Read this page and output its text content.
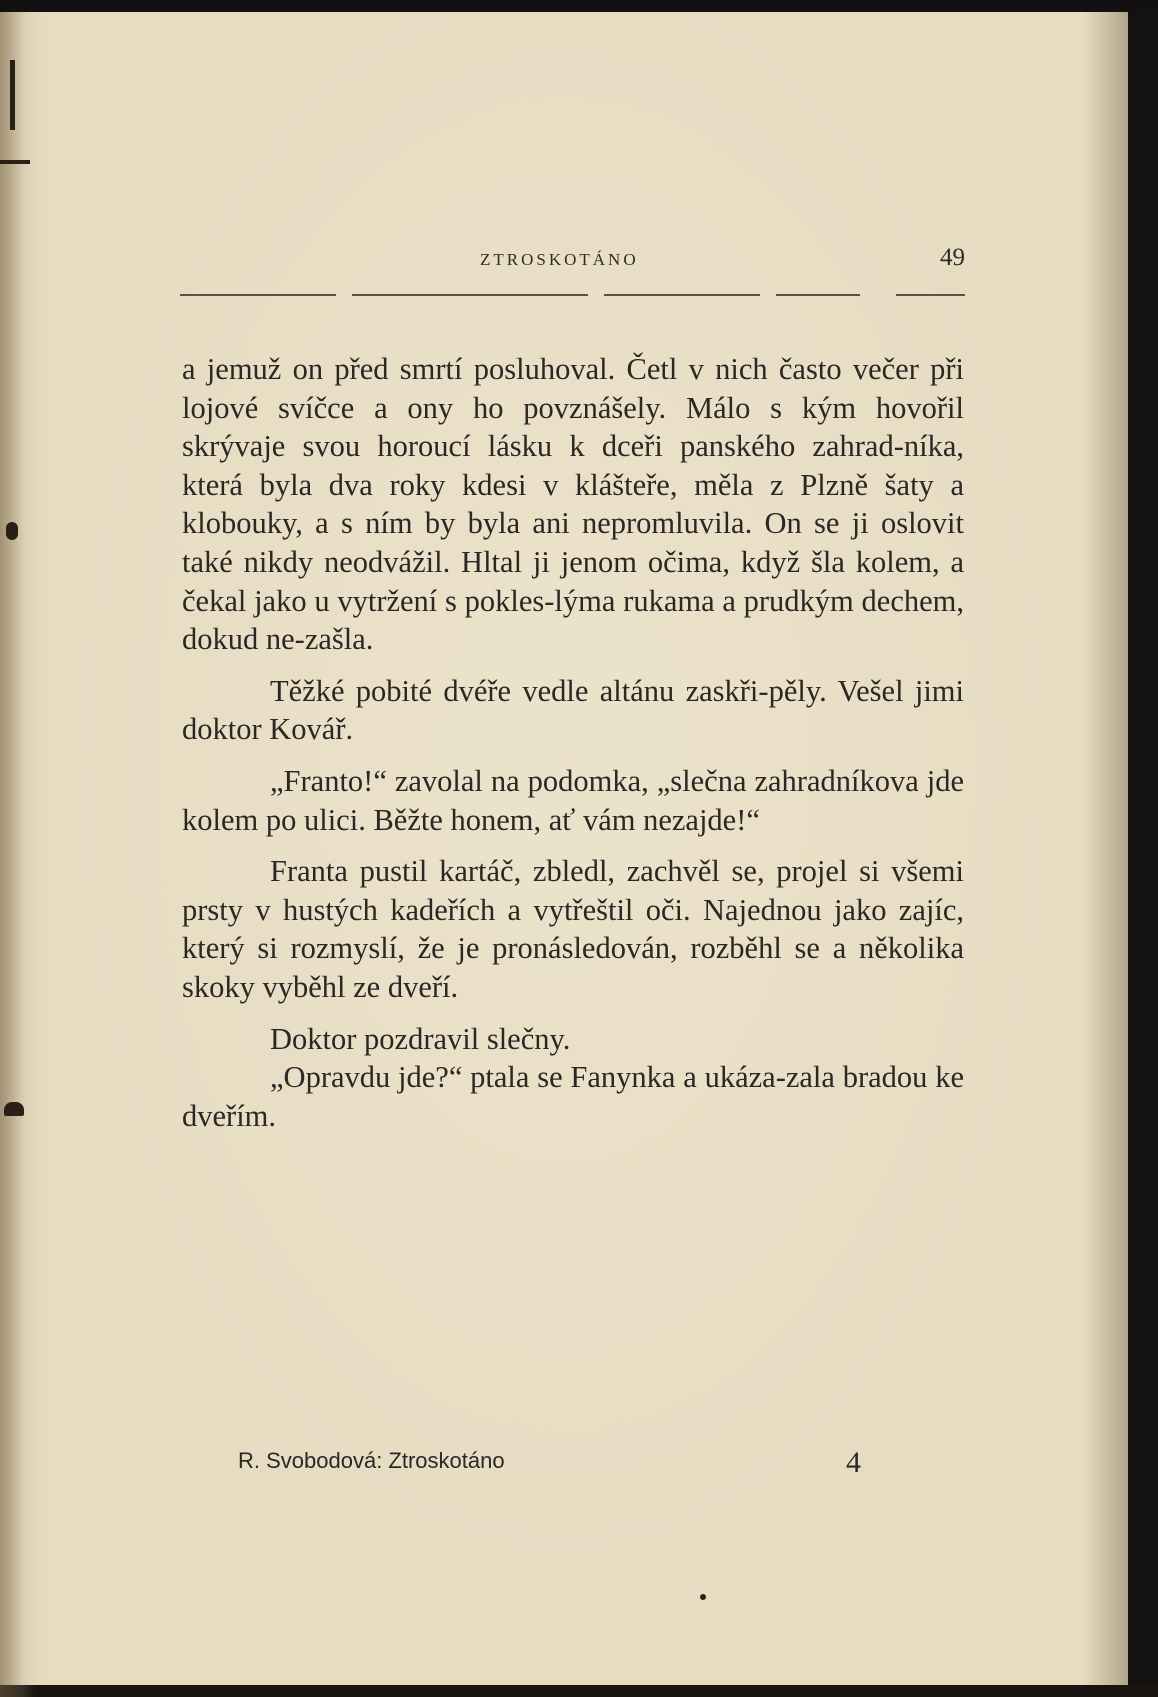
ZTROSKOTÁNO	49

a jemuž on před smrtí posluhoval. Četl v nich často večer při lojové svíčce a ony ho povznášely. Málo s kým hovořil skrývaje svou horoucí lásku k dceři panského zahrad-níka, která byla dva roky kdesi v klášteře, měla z Plzně šaty a klobouky, a s ním by byla ani nepromluvila. On se ji oslovit také nikdy neodvážil. Hltal ji jenom očima, když šla kolem, a čekal jako u vytržení s pokles-lýma rukama a prudkým dechem, dokud ne-zašla.

Těžké pobité dvéře vedle altánu zaskři-pěly. Vešel jimi doktor Kovář.

„Franto!“ zavolal na podomka, „slečna zahradníkova jde kolem po ulici. Běžte honem, ať vám nezajde!“

Franta pustil kartáč, zbledl, zachvěl se, projel si všemi prsty v hustých kadeřích a vytřeštil oči. Najednou jako zajíc, který si rozmyslí, že je pronásledován, rozběhl se a několika skoky vyběhl ze dveří.

Doktor pozdravil slečny.

„Opravdu jde?“ ptala se Fanynka a ukáza-zala bradou ke dveřím.

R. Svobodová: Ztroskotáno	4
